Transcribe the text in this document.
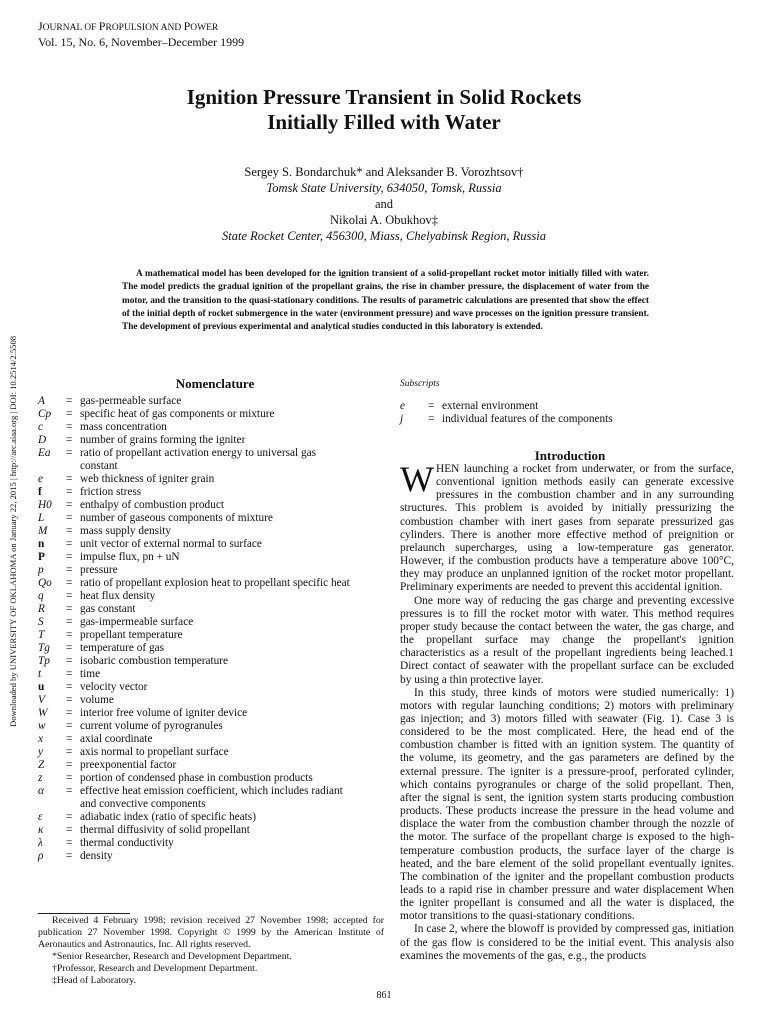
JOURNAL OF PROPULSION AND POWER
Vol. 15, No. 6, November–December 1999
Ignition Pressure Transient in Solid Rockets
Initially Filled with Water
Sergey S. Bondarchuk* and Aleksander B. Vorozhtsov†
Tomsk State University, 634050, Tomsk, Russia
and
Nikolai A. Obukhov‡
State Rocket Center, 456300, Miass, Chelyabinsk Region, Russia
A mathematical model has been developed for the ignition transient of a solid-propellant rocket motor initially filled with water. The model predicts the gradual ignition of the propellant grains, the rise in chamber pressure, the displacement of water from the motor, and the transition to the quasi-stationary conditions. The results of parametric calculations are presented that show the effect of the initial depth of rocket submergence in the water (environment pressure) and wave processes on the ignition pressure transient. The development of previous experimental and analytical studies conducted in this laboratory is extended.
Downloaded by UNIVERSITY OF OKLAHOMA on January 22, 2015 | http://arc.aiaa.org | DOI: 10.2514/2.5508	Nomenclature
A	= gas-permeable surface
Cp	= specific heat of gas components or mixture
c	= mass concentration
D	= number of grains forming the igniter
Ea	= ratio of propellant activation energy to universal gas
constant
e	= web thickness of igniter grain
f	= friction stress
H0	= enthalpy of combustion product
L	= number of gaseous components of mixture
M	= mass supply density
n	= unit vector of external normal to surface
P	= impulse flux, pn + uN
p	= pressure
Qo	= ratio of propellant explosion heat to propellant specific heat
q	= heat flux density
R	= gas constant
S	= gas-impermeable surface
T	= propellant temperature
Tg	= temperature of gas
Tp	= isobaric combustion temperature
t	= time
u	= velocity vector
V	= volume
W	= interior free volume of igniter device
w	= current volume of pyrogranules
x	= axial coordinate
y	= axis normal to propellant surface
Z	= preexponential factor
z	= portion of condensed phase in combustion products
α	= effective heat emission coefficient, which includes radiant
and convective components
ε	= adiabatic index (ratio of specific heats)
κ	= thermal diffusivity of solid propellant
λ	= thermal conductivity
ρ	= density
Subscripts
e	= external environment
j	= individual features of the components
Introduction

WHEN launching a rocket from underwater, or from the surface, conventional ignition methods easily can generate excessive pressures in the combustion chamber and in any surrounding structures. This problem is avoided by initially pressurizing the combustion chamber with inert gases from separate pressurized gas cylinders. There is another more effective method of preignition or prelaunch supercharges, using a low-temperature gas generator. However, if the combustion products have a temperature above 100°C, they may produce an unplanned ignition of the rocket motor propellant. Preliminary experiments are needed to prevent this accidental ignition.

One more way of reducing the gas charge and preventing excessive pressures is to fill the rocket motor with water. This method requires proper study because the contact between the water, the gas charge, and the propellant surface may change the propellant's ignition characteristics as a result of the propellant ingredients being leached.1 Direct contact of seawater with the propellant surface can be excluded by using a thin protective layer.

In this study, three kinds of motors were studied numerically: 1) motors with regular launching conditions; 2) motors with preliminary gas injection; and 3) motors filled with seawater (Fig. 1). Case 3 is considered to be the most complicated. Here, the head end of the combustion chamber is fitted with an ignition system. The quantity of the volume, its geometry, and the gas parameters are defined by the external pressure. The igniter is a pressure-proof, perforated cylinder, which contains pyrogranules or charge of the solid propellant. Then, after the signal is sent, the ignition system starts producing combustion products. These products increase the pressure in the head volume and displace the water from the combustion chamber through the nozzle of the motor. The surface of the propellant charge is exposed to the high-temperature combustion products, the surface layer of the charge is heated, and the bare element of the solid propellant eventually ignites. The combination of the igniter and the propellant combustion products leads to a rapid rise in chamber pressure and water displacement When the igniter propellant is consumed and all the water is displaced, the motor transitions to the quasi-stationary conditions.

In case 2, where the blowoff is provided by compressed gas, initiation of the gas flow is considered to be the initial event. This analysis also examines the movements of the gas, e.g., the products

Received 4 February 1998; revision received 27 November 1998; accepted for publication 27 November 1998. Copyright © 1999 by the American Institute of Aeronautics and Astronautics, Inc. All rights reserved.

*Senior Researcher, Research and Development Department.

†Professor, Research and Development Department.

‡Head of Laboratory.

861
